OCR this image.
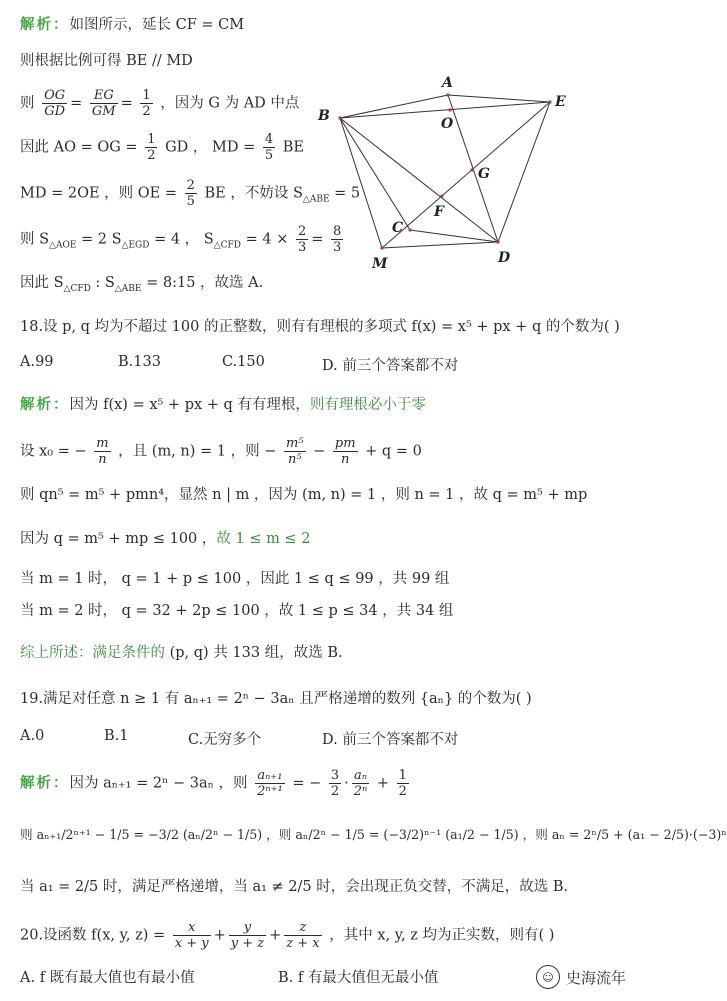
A
B
E
O
G
F
C
D
M
解析：如图所示，延长 CF = CM
则根据比例可得 BE // MD
则 $\frac{OG}{GD} = \frac{EG}{GM} = \frac{1}{2}$ ，因为 G 为 AD 中点
因此 AO = OG = $\frac{1}{2}$ GD ， MD = $\frac{4}{5}$ BE
MD = 2OE ，则 OE = $\frac{2}{5}$ BE ，不妨设 $S_{\triangle ABE} = 5$
则 $S_{\triangle AOE} = 2$ $S_{\triangle EGD} = 4$ ， $S_{\triangle CFD} = 4 \times \frac{2}{3} = \frac{8}{3}$
因此 $S_{\triangle CFD}$ : $S_{\triangle ABE}$ = 8:15 ，故选 A.
18.设 p, q 均为不超过 100 的正整数，则有有理根的多项式 f(x) = x⁵ + px + q 的个数为( )
A.99	B.133	C.150	D. 前三个答案都不对
解析：因为 f(x) = x⁵ + px + q 有有理根，则有理根必小于零
设 x₀ = − $\frac{m}{n}$ ，且 (m, n) = 1 ，则 − $\frac{\text{m⁵}}{\text{n⁵}} - \frac{pm}{n} + q = 0$
则 qn⁵ = m⁵ + pmn⁴，显然 n | m ，因为 (m, n) = 1 ，则 n = 1 ，故 q = m⁵ + mp
因为 q = m⁵ + mp ≤ 100 ，故 1 ≤ m ≤ 2
当 m = 1 时， q = 1 + p ≤ 100 ，因此 1 ≤ q ≤ 99 ，共 99 组
当 m = 2 时， q = 32 + 2p ≤ 100 ，故 1 ≤ p ≤ 34 ，共 34 组
综上所述：满足条件的 (p, q) 共 133 组，故选 B.
19.满足对任意 n ≥ 1 有 aₙ₊₁ = 2ⁿ − 3aₙ 且严格递增的数列 {aₙ} 的个数为( )
A.0	B.1	C.无穷多个	D. 前三个答案都不对
解析：因为 aₙ₊₁ = 2ⁿ − 3aₙ ，则 $\frac{\text{aₙ₊₁}}{\text{2ⁿ⁺¹}}$ = − $\frac{3}{2} \cdot \frac{\text{aₙ}}{\text{2ⁿ}} + \frac{1}{2}$
则 aₙ₊₁/2ⁿ⁺¹ − 1/5 = −3/2 (aₙ/2ⁿ − 1/5) ，则 aₙ/2ⁿ − 1/5 = (−3/2)ⁿ⁻¹ (a₁/2 − 1/5) ，则 aₙ = 2ⁿ/5 + (a₁ − 2/5)·(−3)ⁿ
当 a₁ = 2/5 时，满足严格递增，当 a₁ ≠ 2/5 时，会出现正负交替，不满足，故选 B.
20.设函数 f(x, y, $z) = \frac{x}{x + y} + \frac{y}{y + z} + \frac{z}{z + x}$ ，其中 x, y, z 均为正实数，则有( )
A. f 既有最大值也有最小值	B. f 有最大值但无最小值	☺ 史海流年
